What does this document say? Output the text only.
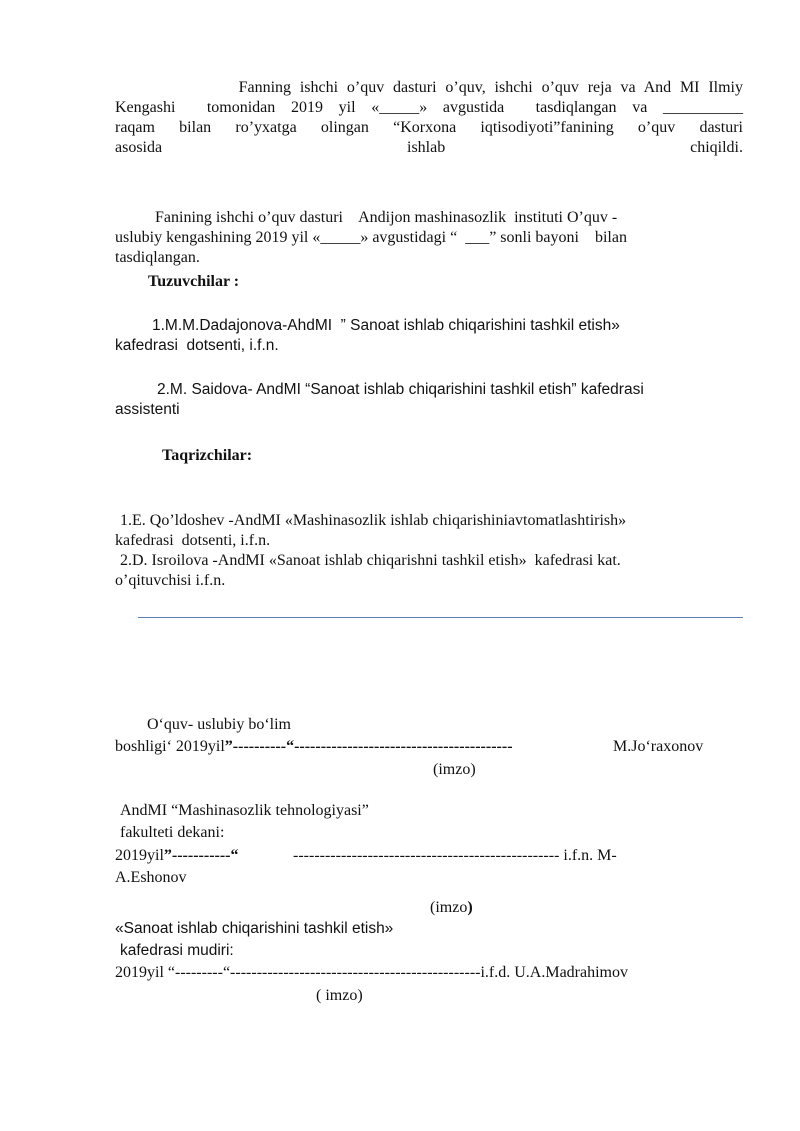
Fanning ishchi o’quv dasturi o’quv, ishchi o’quv reja va And MI Ilmiy
Kengashi  tomonidan 2019 yil «_____» avgustida  tasdiqlangan va __________
raqam bilan ro’yxatga olingan “Korxona iqtisodiyoti”fanining o’quv dasturi
asosida ishlab chiqildi.
Fanining ishchi o’quv dasturi    Andijon mashinasozlik  instituti O’quv -
uslubiy kengashining 2019 yil «_____» avgustidagi “  ___” sonli bayoni    bilan
tasdiqlangan.
Tuzuvchilar :
1.M.M.Dadajonova-AhdMI  ” Sanoat ishlab chiqarishini tashkil etish»
kafedrasi  dotsenti, i.f.n.
2.M. Saidova- AndMI “Sanoat ishlab chiqarishini tashkil etish” kafedrasi
assistenti
Taqrizchilar:
1.E. Qo’ldoshev -AndMI «Mashinasozlik ishlab chiqarishiniavtomatlashtirish»
kafedrasi  dotsenti, i.f.n.
2.D. Isroilova -AndMI «Sanoat ishlab chiqarishni tashkil etish»  kafedrasi kat.
o’qituvchisi i.f.n.
O‘quv- uslubiy bo‘lim
boshligi‘ 2019yil”----------“-----------------------------------------	M.Jo‘raxonov
(imzo)
AndMI “Mashinasozlik tehnologiyasi”
fakulteti dekani:
2019yil”-----------“	-------------------------------------------------- i.f.n. M-
A.Eshonov
(imzo)
«Sanoat ishlab chiqarishini tashkil etish»
kafedrasi mudiri:
2019yil “---------“-----------------------------------------------i.f.d. U.A.Madrahimov
( imzo)
